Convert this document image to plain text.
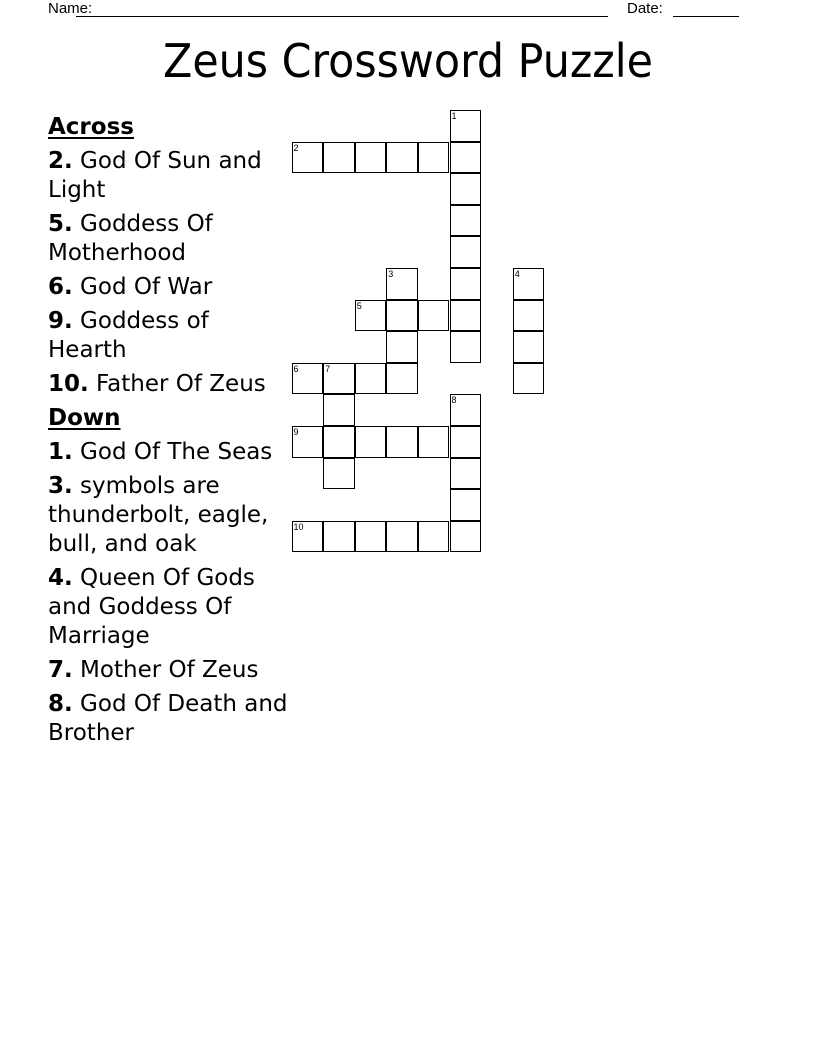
Name:	Date:
Zeus Crossword Puzzle
Across
2. God Of Sun and Light
5. Goddess Of Motherhood
6. God Of War
9. Goddess of Hearth
10. Father Of Zeus
Down
1. God Of The Seas
3. symbols are thunderbolt, eagle, bull, and oak
4. Queen Of Gods and Goddess Of Marriage
7. Mother Of Zeus
8. God Of Death and Brother
1
2
3	4
5
6	7
8
9
10
